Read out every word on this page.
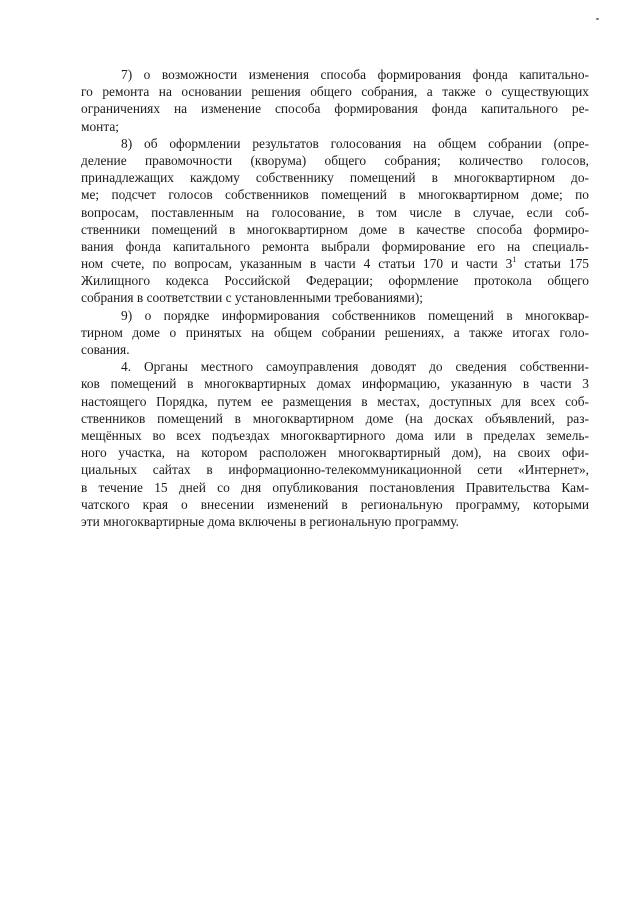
7) о возможности изменения способа формирования фонда капитально-
го ремонта на основании решения общего собрания, а также о существующих
ограничениях на изменение способа формирования фонда капитального ре-
монта;
8) об оформлении результатов голосования на общем собрании (опре-
деление правомочности (кворума) общего собрания; количество голосов,
принадлежащих каждому собственнику помещений в многоквартирном до-
ме; подсчет голосов собственников помещений в многоквартирном доме; по
вопросам, поставленным на голосование, в том числе в случае, если соб-
ственники помещений в многоквартирном доме в качестве способа формиро-
вания фонда капитального ремонта выбрали формирование его на специаль-
ном счете, по вопросам, указанным в части 4 статьи 170 и части $3^1$ статьи 175
Жилищного кодекса Российской Федерации; оформление протокола общего
собрания в соответствии с установленными требованиями);
9) о порядке информирования собственников помещений в многоквар-
тирном доме о принятых на общем собрании решениях, а также итогах голо-
сования.
4. Органы местного самоуправления доводят до сведения собственни-
ков помещений в многоквартирных домах информацию, указанную в части 3
настоящего Порядка, путем ее размещения в местах, доступных для всех соб-
ственников помещений в многоквартирном доме (на досках объявлений, раз-
мещённых во всех подъездах многоквартирного дома или в пределах земель-
ного участка, на котором расположен многоквартирный дом), на своих офи-
циальных сайтах в информационно-телекоммуникационной сети «Интернет»,
в течение 15 дней со дня опубликования постановления Правительства Кам-
чатского края о внесении изменений в региональную программу, которыми
эти многоквартирные дома включены в региональную программу.
